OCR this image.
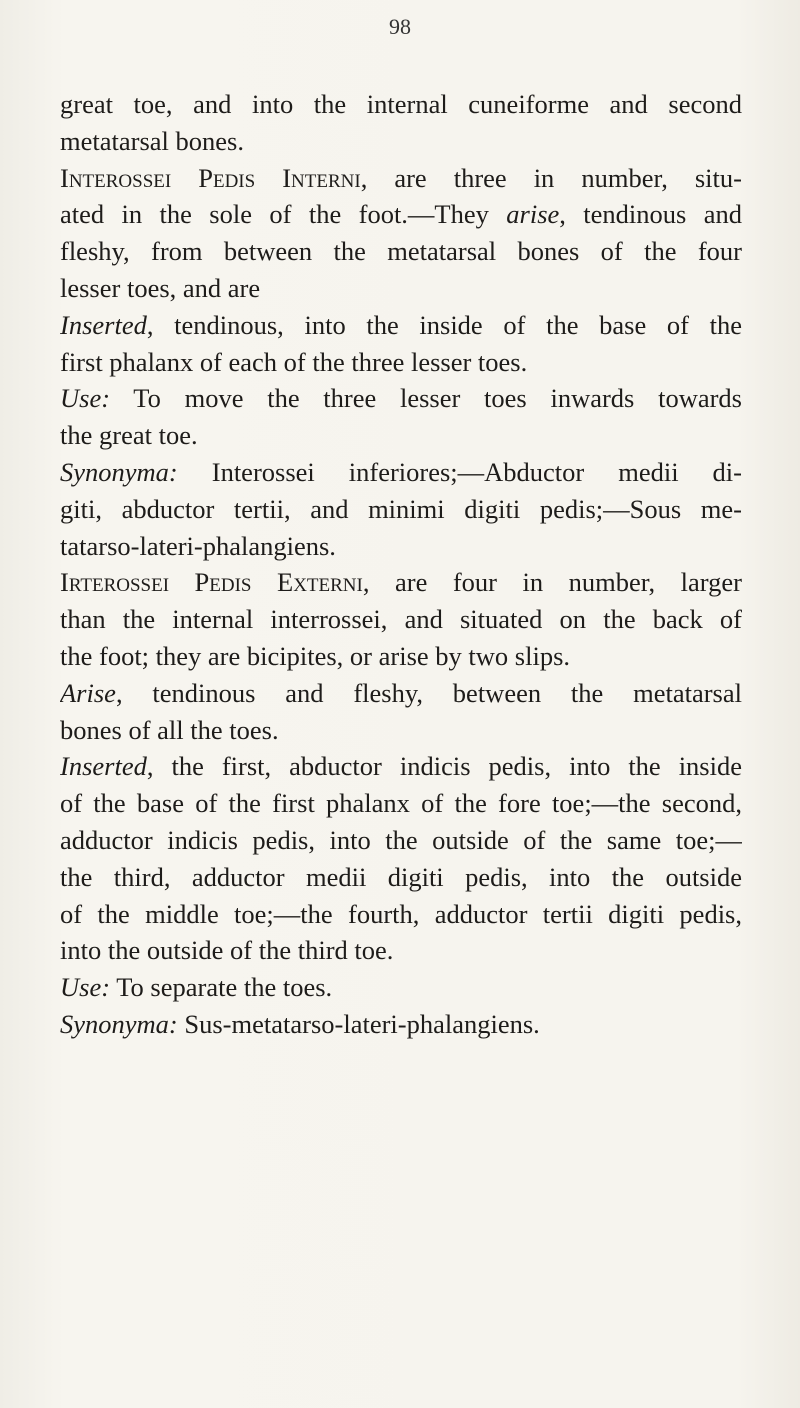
98
great toe, and into the internal cuneiforme and second
metatarsal bones.
Interossei Pedis Interni, are three in number, situ-
ated in the sole of the foot.—They arise, tendinous and
fleshy, from between the metatarsal bones of the four
lesser toes, and are
Inserted, tendinous, into the inside of the base of the
first phalanx of each of the three lesser toes.
Use: To move the three lesser toes inwards towards
the great toe.
Synonyma: Interossei inferiores;—Abductor medii di-
giti, abductor tertii, and minimi digiti pedis;—Sous me-
tatarso-lateri-phalangiens.
Irterossei Pedis Externi, are four in number, larger
than the internal interrossei, and situated on the back of
the foot; they are bicipites, or arise by two slips.
Arise, tendinous and fleshy, between the metatarsal
bones of all the toes.
Inserted, the first, abductor indicis pedis, into the inside
of the base of the first phalanx of the fore toe;—the second,
adductor indicis pedis, into the outside of the same toe;—
the third, adductor medii digiti pedis, into the outside
of the middle toe;—the fourth, adductor tertii digiti pedis,
into the outside of the third toe.
Use: To separate the toes.
Synonyma: Sus-metatarso-lateri-phalangiens.
